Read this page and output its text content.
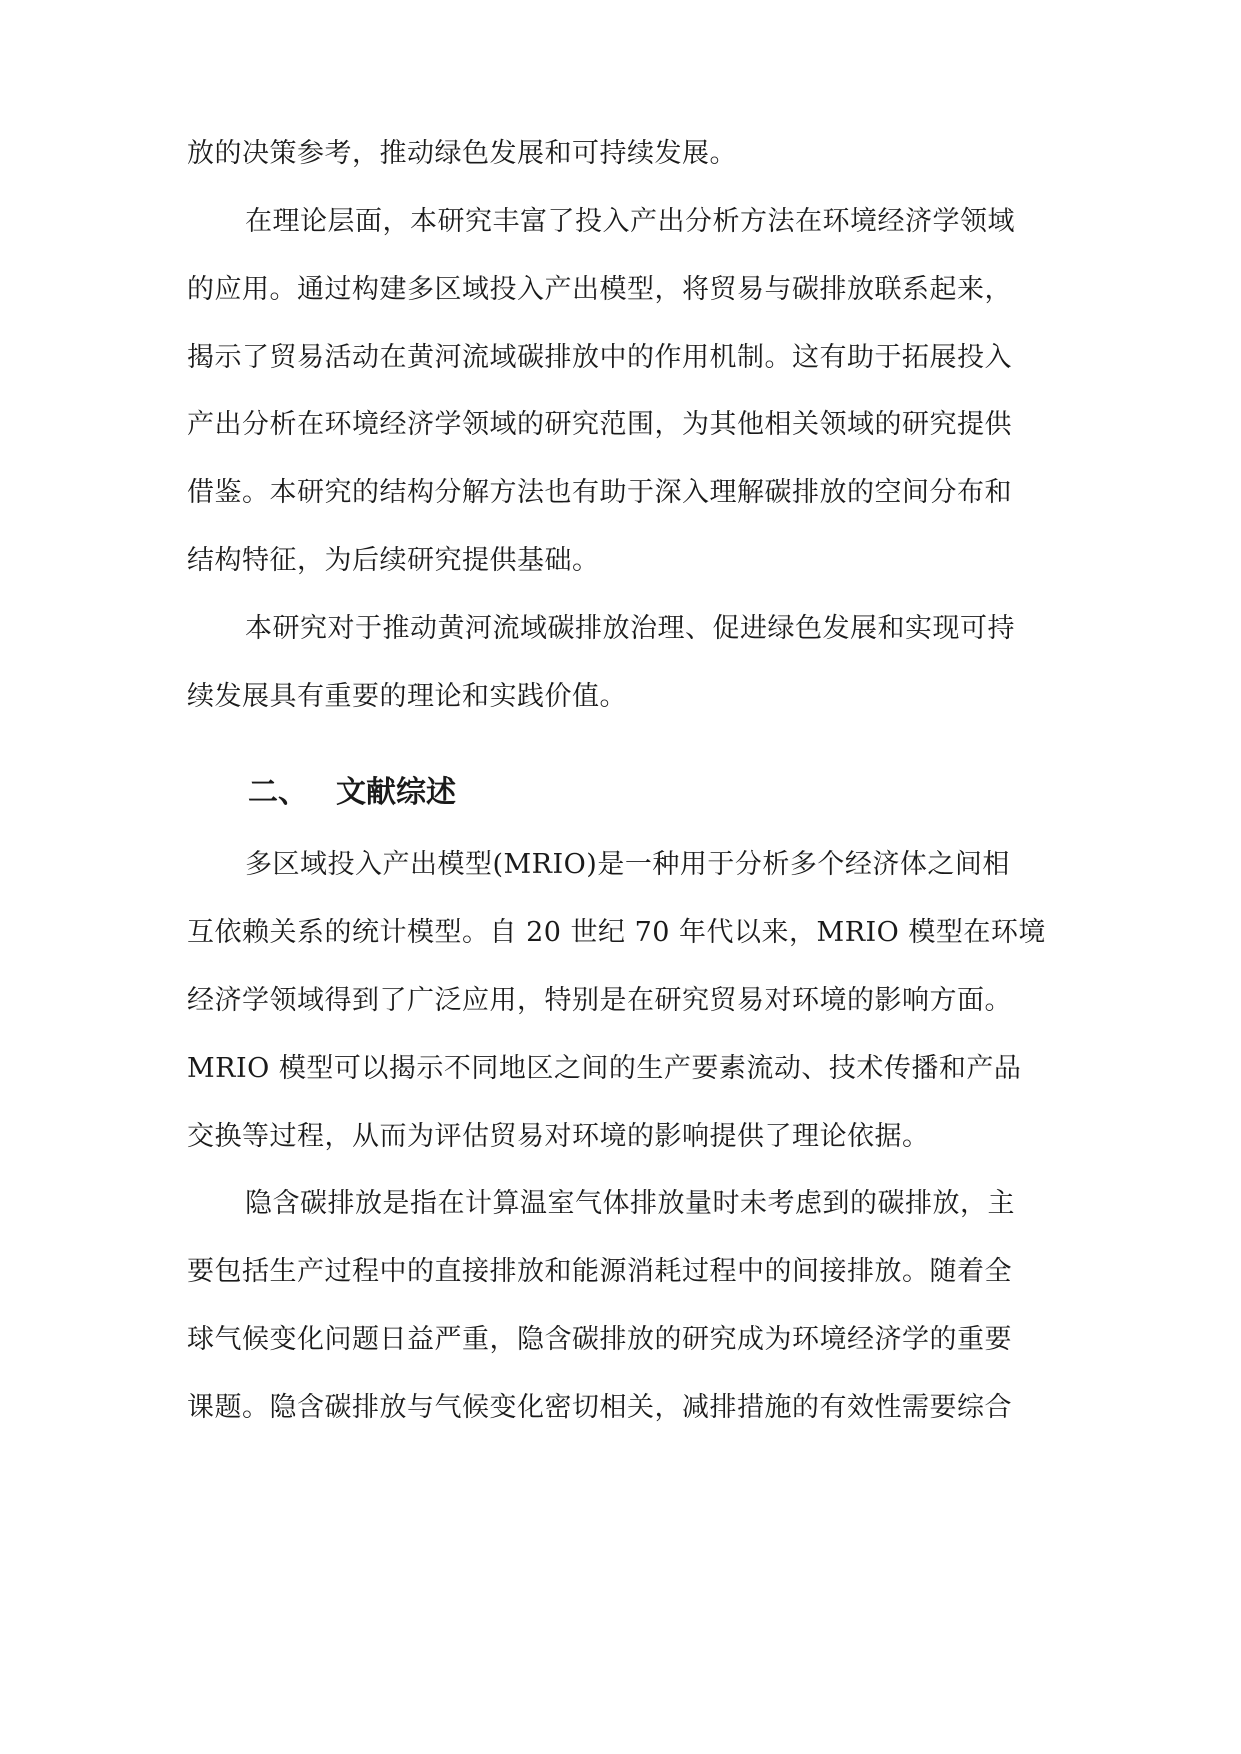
放的决策参考，推动绿色发展和可持续发展。
在理论层面，本研究丰富了投入产出分析方法在环境经济学领域
的应用。通过构建多区域投入产出模型，将贸易与碳排放联系起来，
揭示了贸易活动在黄河流域碳排放中的作用机制。这有助于拓展投入
产出分析在环境经济学领域的研究范围，为其他相关领域的研究提供
借鉴。本研究的结构分解方法也有助于深入理解碳排放的空间分布和
结构特征，为后续研究提供基础。
本研究对于推动黄河流域碳排放治理、促进绿色发展和实现可持
续发展具有重要的理论和实践价值。
二、 文献综述
多区域投入产出模型(MRIO)是一种用于分析多个经济体之间相
互依赖关系的统计模型。自 20 世纪 70 年代以来，MRIO 模型在环境
经济学领域得到了广泛应用，特别是在研究贸易对环境的影响方面。
MRIO 模型可以揭示不同地区之间的生产要素流动、技术传播和产品
交换等过程，从而为评估贸易对环境的影响提供了理论依据。
隐含碳排放是指在计算温室气体排放量时未考虑到的碳排放，主
要包括生产过程中的直接排放和能源消耗过程中的间接排放。随着全
球气候变化问题日益严重，隐含碳排放的研究成为环境经济学的重要
课题。隐含碳排放与气候变化密切相关，减排措施的有效性需要综合
